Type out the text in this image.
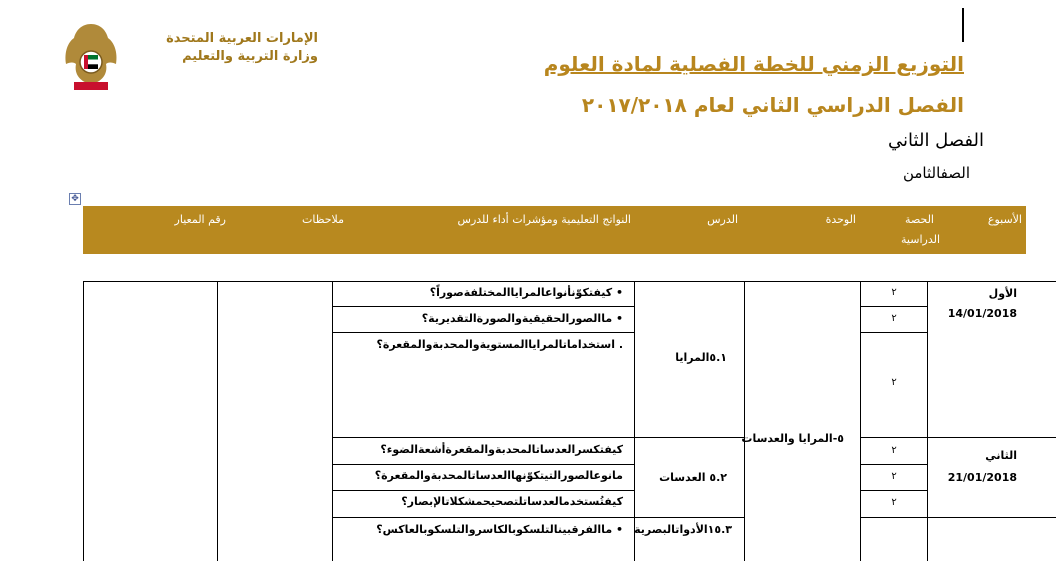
الإمارات العربية المتحدة
وزارة التربية والتعليم	التوزيع الزمني للخطة الفصلية لمادة العلوم
الفصل الدراسي الثاني لعام ٢٠١٧/٢٠١٨
الفصل الثاني
الصفالثامن
✥
الأسبوع
الحصة
الدراسية
الوحدة
الدرس
النواتج التعليمية ومؤشرات أداء للدرس
ملاحظات
رقم المعيار
الأول
14/01/2018
الثاني
21/01/2018
٢
٢
٢
٢
٢
٢
٥-المرايا والعدسات
٥.١المرايا
٥.٢ العدسات
١٥.٣الأدواتالبصرية
• كيفتكوّنأنواعالمراياالمختلفةصوراً؟
• ماالصورالحقيقيةوالصورةالتقديرية؟
. استخداماتالمراياالمستويةوالمحدبةوالمقعرة؟
كيفتكسرالعدساتالمحدبةوالمقعرةأشعةالضوء؟
مانوعالصورالتيتكوّنهاالعدساتالمحدبةوالمقعرة؟
كيفتُستخدمالعدساتلتصحيحمشكلاتالإبصار؟
• ماالفرقبينالتلسكوبالكاسروالتلسكوبالعاكس؟
